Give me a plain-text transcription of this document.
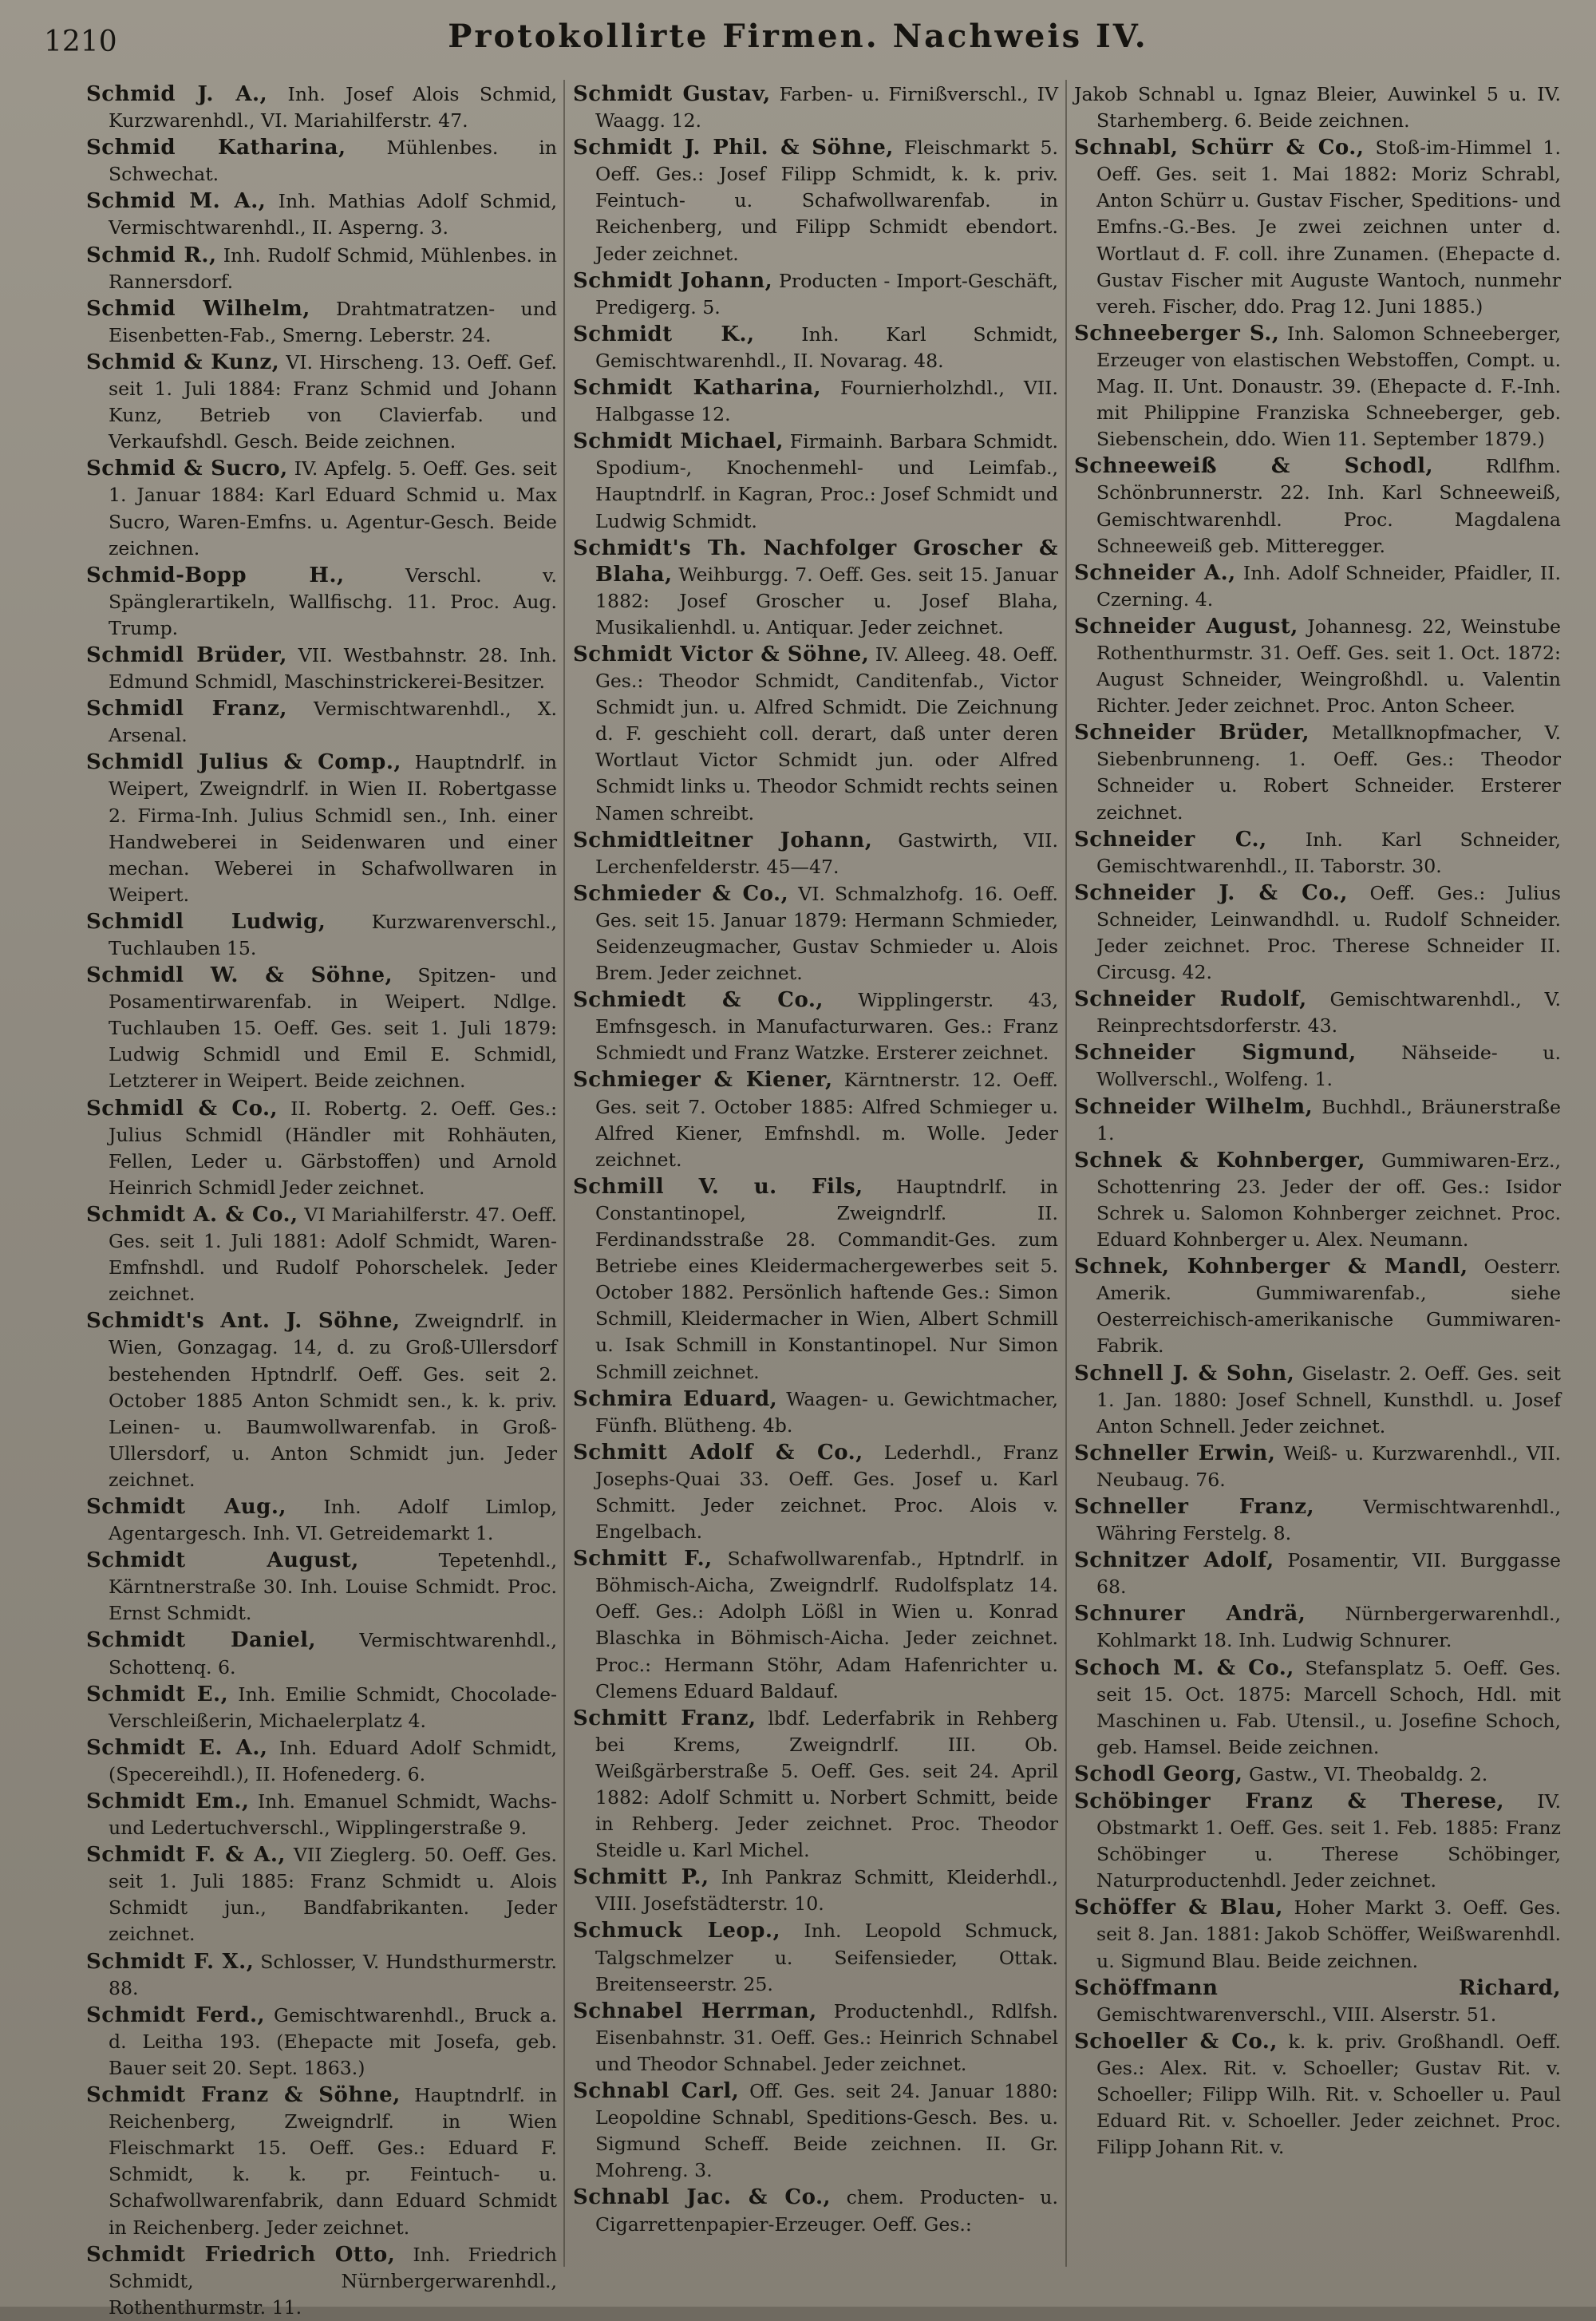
1210	Protokollirte Firmen. Nachweis IV.

Schmid J. A., Inh. Josef Alois Schmid, Kurzwarenhdl., VI. Mariahilferstr. 47.

Schmid Katharina, Mühlenbes. in Schwechat.

Schmid M. A., Inh. Mathias Adolf Schmid, Vermischtwarenhdl., II. Asperng. 3.

Schmid R., Inh. Rudolf Schmid, Mühlenbes. in Rannersdorf.

Schmid Wilhelm, Drahtmatratzen- und Eisenbetten-Fab., Smerng. Leberstr. 24.

Schmid & Kunz, VI. Hirscheng. 13. Oeff. Gef. seit 1. Juli 1884: Franz Schmid und Johann Kunz, Betrieb von Clavierfab. und Verkaufshdl. Gesch. Beide zeichnen.

Schmid & Sucro, IV. Apfelg. 5. Oeff. Ges. seit 1. Januar 1884: Karl Eduard Schmid u. Max Sucro, Waren-Emfns. u. Agentur-Gesch. Beide zeichnen.

Schmid-Bopp H.,	Verschl. v. Spänglerartikeln, Wallfischg. 11. Proc. Aug. Trump.

Schmidl Brüder, VII. Westbahnstr. 28. Inh. Edmund Schmidl, Maschinstrickerei-Besitzer.

Schmidl Franz, Vermischtwarenhdl., X. Arsenal.

Schmidl Julius & Comp., Hauptndrlf. in Weipert, Zweigndrlf. in Wien II. Robertgasse 2. Firma-Inh. Julius Schmidl sen., Inh. einer Handweberei in Seidenwaren und einer mechan. Weberei in Schafwollwaren in Weipert.

Schmidl Ludwig, Kurzwarenverschl., Tuchlauben 15.

Schmidl W. & Söhne, Spitzen- und Posamentirwarenfab. in Weipert. Ndlge. Tuchlauben 15. Oeff. Ges. seit 1. Juli 1879: Ludwig Schmidl und Emil E. Schmidl, Letzterer in Weipert. Beide zeichnen.

Schmidl & Co., II. Robertg. 2. Oeff. Ges.: Julius Schmidl (Händler mit Rohhäuten, Fellen, Leder u. Gärbstoffen) und Arnold Heinrich Schmidl Jeder zeichnet.

Schmidt A. & Co., VI Mariahilferstr. 47. Oeff. Ges. seit 1. Juli 1881: Adolf Schmidt, Waren-Emfnshdl. und Rudolf Pohorschelek. Jeder zeichnet.

Schmidt's Ant. J. Söhne, Zweigndrlf. in Wien, Gonzagag. 14, d. zu Groß-Ullersdorf bestehenden Hptndrlf. Oeff. Ges. seit 2. October 1885 Anton Schmidt sen., k. k. priv. Leinen- u. Baumwollwarenfab. in Groß-Ullersdorf, u. Anton Schmidt jun. Jeder zeichnet.

Schmidt Aug., Inh. Adolf Limlop, Agentargesch. Inh. VI. Getreidemarkt 1.

Schmidt August,	Tepetenhdl., Kärntnerstraße 30. Inh. Louise Schmidt. Proc. Ernst Schmidt.

Schmidt Daniel, Vermischtwarenhdl., Schottenq. 6.

Schmidt E., Inh. Emilie Schmidt, Chocolade-Verschleißerin, Michaelerplatz 4.

Schmidt E. A., Inh. Eduard Adolf Schmidt, (Specereihdl.), II. Hofenederg. 6.

Schmidt Em., Inh. Emanuel Schmidt, Wachs- und Ledertuchverschl., Wipplingerstraße 9.

Schmidt F. & A., VII Zieglerg. 50. Oeff. Ges. seit 1. Juli 1885: Franz Schmidt u. Alois Schmidt jun., Bandfabrikanten. Jeder zeichnet.

Schmidt F. X., Schlosser, V. Hundsthurmerstr. 88.

Schmidt Ferd., Gemischtwarenhdl., Bruck a. d. Leitha 193. (Ehepacte mit Josefa, geb. Bauer seit 20. Sept. 1863.)

Schmidt Franz & Söhne, Hauptndrlf. in Reichenberg, Zweigndrlf. in Wien Fleischmarkt 15. Oeff. Ges.: Eduard F. Schmidt, k. k. pr. Feintuch- u. Schafwollwarenfabrik, dann Eduard Schmidt in Reichenberg. Jeder zeichnet.

Schmidt Friedrich Otto, Inh. Friedrich Schmidt, Nürnbergerwarenhdl., Rothenthurmstr. 11.

Schmidt Gustav, Farben- u. Firnißverschl., IV Waagg. 12.

Schmidt J. Phil. & Söhne, Fleischmarkt 5. Oeff. Ges.: Josef Filipp Schmidt, k. k. priv. Feintuch- u. Schafwollwarenfab. in Reichenberg, und Filipp Schmidt ebendort. Jeder zeichnet.

Schmidt Johann, Producten - Import-Geschäft, Predigerg. 5.

Schmidt K., Inh. Karl Schmidt, Gemischtwarenhdl., II. Novarag. 48.

Schmidt Katharina, Fournierholzhdl., VII. Halbgasse 12.

Schmidt Michael, Firmainh. Barbara Schmidt. Spodium-, Knochenmehl- und Leimfab., Hauptndrlf. in Kagran, Proc.: Josef Schmidt und Ludwig Schmidt.

Schmidt's Th. Nachfolger Groscher & Blaha, Weihburgg. 7. Oeff. Ges. seit 15. Januar 1882: Josef Groscher u. Josef Blaha, Musikalienhdl. u. Antiquar. Jeder zeichnet.

Schmidt Victor & Söhne, IV. Alleeg. 48. Oeff. Ges.: Theodor Schmidt, Canditenfab., Victor Schmidt jun. u. Alfred Schmidt. Die Zeichnung d. F. geschieht coll. derart, daß unter deren Wortlaut Victor Schmidt jun. oder Alfred Schmidt links u. Theodor Schmidt rechts seinen Namen schreibt.

Schmidtleitner Johann, Gastwirth, VII. Lerchenfelderstr. 45—47.

Schmieder & Co., VI. Schmalzhofg. 16. Oeff. Ges. seit 15. Januar 1879: Hermann Schmieder, Seidenzeugmacher, Gustav Schmieder u. Alois Brem. Jeder zeichnet.

Schmiedt & Co., Wipplingerstr. 43, Emfnsgesch. in Manufacturwaren. Ges.: Franz Schmiedt und Franz Watzke. Ersterer zeichnet.

Schmieger & Kiener, Kärntnerstr. 12. Oeff. Ges. seit 7. October 1885: Alfred Schmieger u. Alfred Kiener, Emfnshdl. m. Wolle. Jeder zeichnet.

Schmill V. u. Fils, Hauptndrlf. in Constantinopel, Zweigndrlf. II. Ferdinandsstraße 28. Commandit-Ges. zum Betriebe eines Kleidermachergewerbes seit 5. October 1882. Persönlich haftende Ges.: Simon Schmill, Kleidermacher in Wien, Albert Schmill u. Isak Schmill in Konstantinopel. Nur Simon Schmill zeichnet.

Schmira Eduard, Waagen- u. Gewichtmacher, Fünfh. Blütheng. 4b.

Schmitt Adolf & Co., Lederhdl., Franz Josephs-Quai 33. Oeff. Ges. Josef u. Karl Schmitt. Jeder zeichnet. Proc. Alois v. Engelbach.

Schmitt F., Schafwollwarenfab., Hptndrlf. in Böhmisch-Aicha, Zweigndrlf. Rudolfsplatz 14. Oeff. Ges.: Adolph Lößl in Wien u. Konrad Blaschka in Böhmisch-Aicha. Jeder zeichnet. Proc.: Hermann Stöhr, Adam Hafenrichter u. Clemens Eduard Baldauf.

Schmitt Franz, lbdf. Lederfabrik in Rehberg bei Krems, Zweigndrlf. III. Ob. Weißgärberstraße 5. Oeff. Ges. seit 24. April 1882: Adolf Schmitt u. Norbert Schmitt, beide in Rehberg. Jeder zeichnet. Proc. Theodor Steidle u. Karl Michel.

Schmitt P., Inh Pankraz Schmitt, Kleiderhdl., VIII. Josefstädterstr. 10.

Schmuck Leop., Inh. Leopold Schmuck, Talgschmelzer u. Seifensieder, Ottak. Breitenseerstr. 25.

Schnabel Herrman, Productenhdl., Rdlfsh. Eisenbahnstr. 31. Oeff. Ges.: Heinrich Schnabel und Theodor Schnabel. Jeder zeichnet.

Schnabl Carl, Off. Ges. seit 24. Januar 1880: Leopoldine Schnabl, Speditions-Gesch. Bes. u. Sigmund Scheff. Beide zeichnen. II. Gr. Mohreng. 3.

Schnabl Jac. & Co., chem. Producten- u. Cigarrettenpapier-Erzeuger. Oeff. Ges.:

Jakob Schnabl u. Ignaz Bleier, Auwinkel 5 u. IV. Starhemberg. 6. Beide zeichnen.

Schnabl, Schürr & Co., Stoß-im-Himmel 1. Oeff. Ges. seit 1. Mai 1882: Moriz Schrabl, Anton Schürr u. Gustav Fischer, Speditions- und Emfns.-G.-Bes. Je zwei zeichnen unter d. Wortlaut d. F. coll. ihre Zunamen. (Ehepacte d. Gustav Fischer mit Auguste Wantoch, nunmehr vereh. Fischer, ddo. Prag 12. Juni 1885.)

Schneeberger S., Inh. Salomon Schneeberger, Erzeuger von elastischen Webstoffen, Compt. u. Mag. II. Unt. Donaustr. 39. (Ehepacte d. F.-Inh. mit Philippine Franziska Schneeberger, geb. Siebenschein, ddo. Wien 11. September 1879.)

Schneeweiß & Schodl,	Rdlfhm. Schönbrunnerstr. 22. Inh. Karl Schneeweiß, Gemischtwarenhdl. Proc. Magdalena Schneeweiß geb. Mitteregger.

Schneider A., Inh. Adolf Schneider, Pfaidler, II. Czerning. 4.

Schneider August, Johannesg. 22, Weinstube Rothenthurmstr. 31. Oeff. Ges. seit 1. Oct. 1872: August Schneider, Weingroßhdl. u. Valentin Richter. Jeder zeichnet. Proc. Anton Scheer.

Schneider Brüder, Metallknopfmacher, V. Siebenbrunneng. 1. Oeff. Ges.: Theodor Schneider u. Robert Schneider. Ersterer zeichnet.

Schneider C., Inh. Karl Schneider, Gemischtwarenhdl., II. Taborstr. 30.

Schneider J. & Co., Oeff. Ges.: Julius Schneider, Leinwandhdl. u. Rudolf Schneider. Jeder zeichnet. Proc. Therese Schneider II. Circusg. 42.

Schneider Rudolf, Gemischtwarenhdl., V. Reinprechtsdorferstr. 43.

Schneider Sigmund, Nähseide- u. Wollverschl., Wolfeng. 1.

Schneider Wilhelm, Buchhdl., Bräunerstraße 1.

Schnek & Kohnberger, Gummiwaren-Erz., Schottenring 23. Jeder der off. Ges.: Isidor Schrek u. Salomon Kohnberger zeichnet. Proc. Eduard Kohnberger u. Alex. Neumann.

Schnek, Kohnberger & Mandl, Oesterr. Amerik. Gummiwarenfab., siehe Oesterreichisch-amerikanische Gummiwaren-Fabrik.

Schnell J. & Sohn, Giselastr. 2. Oeff. Ges. seit 1. Jan. 1880: Josef Schnell, Kunsthdl. u. Josef Anton Schnell. Jeder zeichnet.

Schneller Erwin, Weiß- u. Kurzwarenhdl., VII. Neubaug. 76.

Schneller Franz,	Vermischtwarenhdl., Währing Ferstelg. 8.

Schnitzer Adolf, Posamentir, VII. Burggasse 68.

Schnurer Andrä, Nürnbergerwarenhdl., Kohlmarkt 18. Inh. Ludwig Schnurer.

Schoch M. & Co., Stefansplatz 5. Oeff. Ges. seit 15. Oct. 1875: Marcell Schoch, Hdl. mit Maschinen u. Fab. Utensil., u. Josefine Schoch, geb. Hamsel. Beide zeichnen.

Schodl Georg, Gastw., VI. Theobaldg. 2.

Schöbinger Franz & Therese, IV. Obstmarkt 1. Oeff. Ges. seit 1. Feb. 1885: Franz Schöbinger u. Therese Schöbinger, Naturproductenhdl. Jeder zeichnet.

Schöffer & Blau, Hoher Markt 3. Oeff. Ges. seit 8. Jan. 1881: Jakob Schöffer, Weißwarenhdl. u. Sigmund Blau. Beide zeichnen.

Schöffmann Richard, Gemischtwarenverschl., VIII. Alserstr. 51.

Schoeller & Co., k. k. priv. Großhandl. Oeff. Ges.: Alex. Rit. v. Schoeller; Gustav Rit. v. Schoeller; Filipp Wilh. Rit. v. Schoeller u. Paul Eduard Rit. v. Schoeller. Jeder zeichnet. Proc. Filipp Johann Rit. v.
